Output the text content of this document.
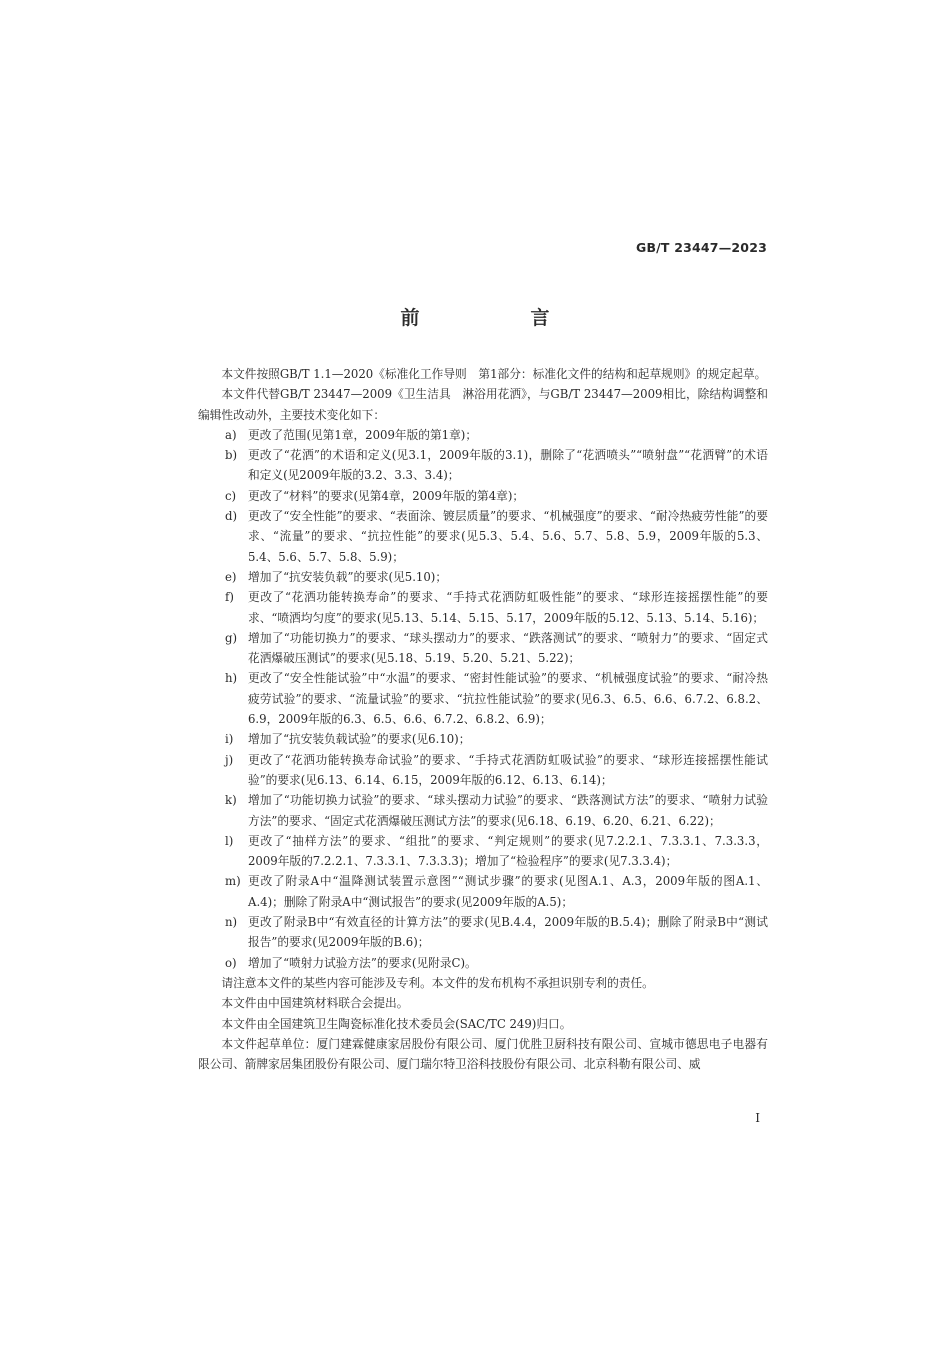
GB/T 23447—2023
前　言

本文件按照GB/T 1.1—2020《标准化工作导则　第1部分：标准化文件的结构和起草规则》的规定起草。

本文件代替GB/T 23447—2009《卫生洁具　淋浴用花洒》，与GB/T 23447—2009相比，除结构调整和编辑性改动外，主要技术变化如下：

a) 更改了范围(见第1章，2009年版的第1章)；
b) 更改了“花洒”的术语和定义(见3.1，2009年版的3.1)，删除了“花洒喷头”“喷射盘”“花洒臂”的术语和定义(见2009年版的3.2、3.3、3.4)；
c) 更改了“材料”的要求(见第4章，2009年版的第4章)；
d) 更改了“安全性能”的要求、“表面涂、镀层质量”的要求、“机械强度”的要求、“耐冷热疲劳性能”的要求、“流量”的要求、“抗拉性能”的要求(见5.3、5.4、5.6、5.7、5.8、5.9，2009年版的5.3、5.4、5.6、5.7、5.8、5.9)；
e) 增加了“抗安装负载”的要求(见5.10)；
f) 更改了“花洒功能转换寿命”的要求、“手持式花洒防虹吸性能”的要求、“球形连接摇摆性能”的要求、“喷洒均匀度”的要求(见5.13、5.14、5.15、5.17，2009年版的5.12、5.13、5.14、5.16)；
g) 增加了“功能切换力”的要求、“球头摆动力”的要求、“跌落测试”的要求、“喷射力”的要求、“固定式花洒爆破压测试”的要求(见5.18、5.19、5.20、5.21、5.22)；
h) 更改了“安全性能试验”中“水温”的要求、“密封性能试验”的要求、“机械强度试验”的要求、“耐冷热疲劳试验”的要求、“流量试验”的要求、“抗拉性能试验”的要求(见6.3、6.5、6.6、6.7.2、6.8.2、6.9，2009年版的6.3、6.5、6.6、6.7.2、6.8.2、6.9)；
i) 增加了“抗安装负载试验”的要求(见6.10)；
j) 更改了“花洒功能转换寿命试验”的要求、“手持式花洒防虹吸试验”的要求、“球形连接摇摆性能试验”的要求(见6.13、6.14、6.15，2009年版的6.12、6.13、6.14)；
k) 增加了“功能切换力试验”的要求、“球头摆动力试验”的要求、“跌落测试方法”的要求、“喷射力试验方法”的要求、“固定式花洒爆破压测试方法”的要求(见6.18、6.19、6.20、6.21、6.22)；
l) 更改了“抽样方法”的要求、“组批”的要求、“判定规则”的要求(见7.2.2.1、7.3.3.1、7.3.3.3，2009年版的7.2.2.1、7.3.3.1、7.3.3.3)；增加了“检验程序”的要求(见7.3.3.4)；
m) 更改了附录A中“温降测试装置示意图”“测试步骤”的要求(见图A.1、A.3，2009年版的图A.1、A.4)；删除了附录A中“测试报告”的要求(见2009年版的A.5)；
n) 更改了附录B中“有效直径的计算方法”的要求(见B.4.4，2009年版的B.5.4)；删除了附录B中“测试报告”的要求(见2009年版的B.6)；
o) 增加了“喷射力试验方法”的要求(见附录C)。

请注意本文件的某些内容可能涉及专利。本文件的发布机构不承担识别专利的责任。

本文件由中国建筑材料联合会提出。

本文件由全国建筑卫生陶瓷标准化技术委员会(SAC/TC 249)归口。

本文件起草单位：厦门建霖健康家居股份有限公司、厦门优胜卫厨科技有限公司、宣城市德思电子电器有限公司、箭牌家居集团股份有限公司、厦门瑞尔特卫浴科技股份有限公司、北京科勒有限公司、威

I
